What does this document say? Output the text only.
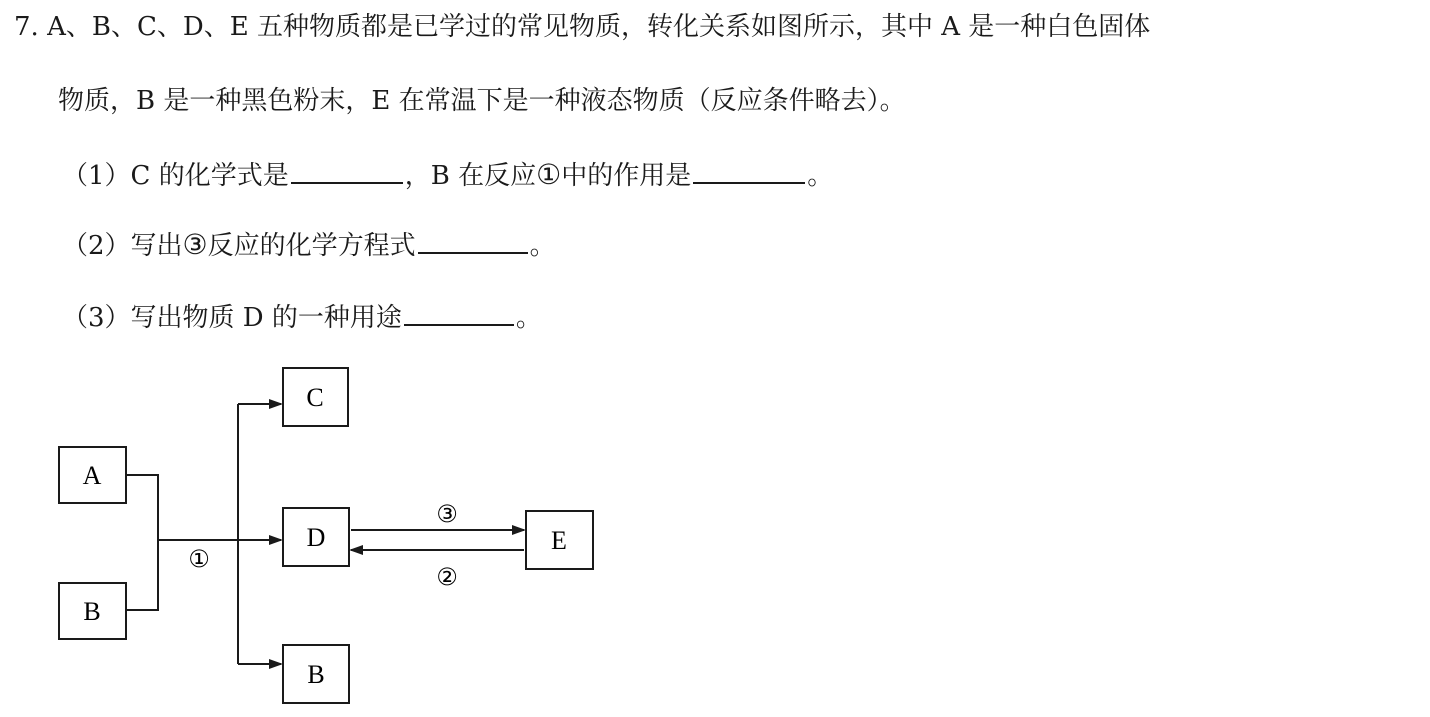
7. A、B、C、D、E 五种物质都是已学过的常见物质，转化关系如图所示，其中 A 是一种白色固体
物质，B 是一种黑色粉末，E 在常温下是一种液态物质（反应条件略去）。
（1）C 的化学式是	，B 在反应①中的作用是	。
（2）写出③反应的化学方程式	。
（3）写出物质 D 的一种用途	。
A
B
C
D	E
B
①
③
②
